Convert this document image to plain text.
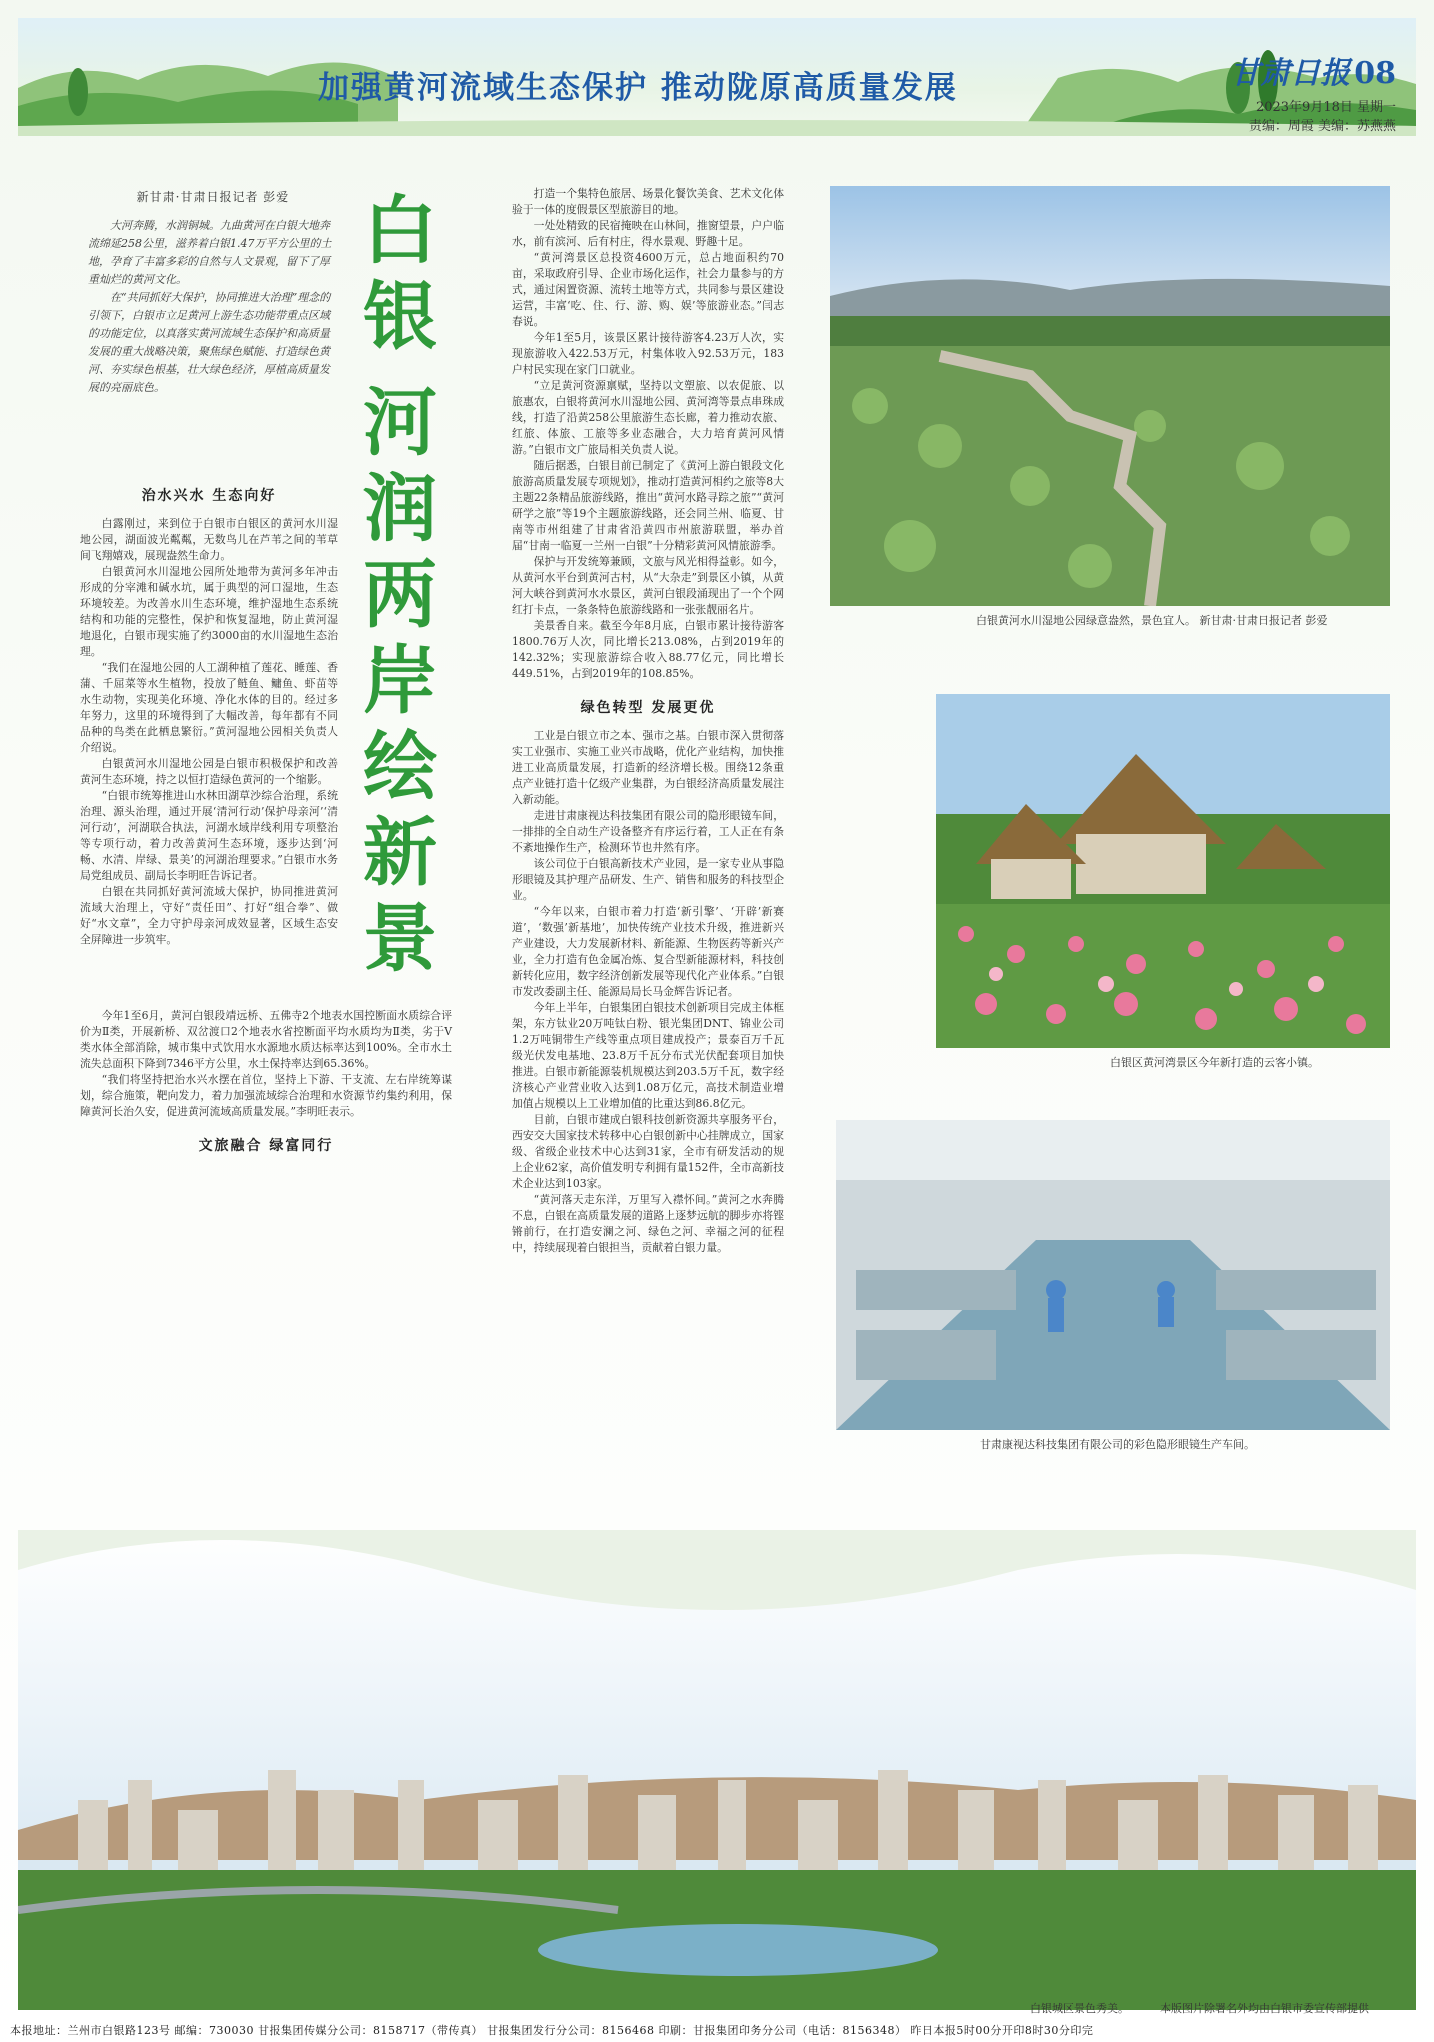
加强黄河流域生态保护 推动陇原高质量发展	甘肃日报 08
2023年9月18日 星期一
责编：周霞 美编：苏燕燕
新甘肃·甘肃日报记者 彭爱

大河奔腾，水润铜城。九曲黄河在白银大地奔流绵延258公里，滋养着白银1.47万平方公里的土地，孕育了丰富多彩的自然与人文景观，留下了厚重灿烂的黄河文化。

在“共同抓好大保护，协同推进大治理”理念的引领下，白银市立足黄河上游生态功能带重点区域的功能定位，以真落实黄河流域生态保护和高质量发展的重大战略决策，聚焦绿色赋能、打造绿色黄河、夯实绿色根基，壮大绿色经济，厚植高质量发展的亮丽底色。

白
银
河
润
两
岸
绘
新
景
治水兴水 生态向好

白露刚过，来到位于白银市白银区的黄河水川湿地公园，湖面波光粼粼，无数鸟儿在芦苇之间的苇草间飞翔嬉戏，展现盎然生命力。

白银黄河水川湿地公园所处地带为黄河多年冲击形成的分宰滩和碱水坑，属于典型的河口湿地，生态环境较差。为改善水川生态环境，维护湿地生态系统结构和功能的完整性，保护和恢复湿地，防止黄河湿地退化，白银市现实施了约3000亩的水川湿地生态治理。

“我们在湿地公园的人工湖种植了莲花、睡莲、香蒲、千屈菜等水生植物，投放了鲢鱼、鳙鱼、虾苗等水生动物，实现美化环境、净化水体的目的。经过多年努力，这里的环境得到了大幅改善，每年都有不同品种的鸟类在此栖息繁衍。”黄河湿地公园相关负责人介绍说。

白银黄河水川湿地公园是白银市积极保护和改善黄河生态环境，持之以恒打造绿色黄河的一个缩影。

“白银市统筹推进山水林田湖草沙综合治理，系统治理、源头治理，通过开展‘清河行动’保护母亲河’‘清河行动’，河湖联合执法，河湖水域岸线利用专项整治等专项行动，着力改善黄河生态环境，逐步达到‘河畅、水清、岸绿、景美’的河湖治理要求。”白银市水务局党组成员、副局长李明旺告诉记者。

白银在共同抓好黄河流域大保护，协同推进黄河流域大治理上，守好“责任田”、打好“组合拳”、做好“水文章”，全力守护母亲河成效显著，区域生态安全屏障进一步筑牢。

今年1至6月，黄河白银段靖远桥、五佛寺2个地表水国控断面水质综合评价为Ⅱ类，开展新桥、双岔渡口2个地表水省控断面平均水质均为Ⅱ类，劣于Ⅴ类水体全部消除，城市集中式饮用水水源地水质达标率达到100%。全市水土流失总面积下降到7346平方公里，水土保持率达到65.36%。

“我们将坚持把治水兴水摆在首位，坚持上下游、干支流、左右岸统筹谋划，综合施策，靶向发力，着力加强流域综合治理和水资源节约集约利用，保障黄河长治久安，促进黄河流域高质量发展。”李明旺表示。

文旅融合 绿富同行

打造一个集特色旅居、场景化餐饮美食、艺术文化体验于一体的度假景区型旅游目的地。

一处处精致的民宿掩映在山林间，推窗望景，户户临水，前有滨河、后有村庄，得水景观、野趣十足。

“黄河湾景区总投资4600万元，总占地面积约70亩，采取政府引导、企业市场化运作，社会力量参与的方式，通过闲置资源、流转土地等方式，共同参与景区建设运营，丰富‘吃、住、行、游、购、娱’等旅游业态。”闫志春说。

今年1至5月，该景区累计接待游客4.23万人次，实现旅游收入422.53万元，村集体收入92.53万元，183户村民实现在家门口就业。

“立足黄河资源禀赋，坚持以文塑旅、以农促旅、以旅惠农，白银将黄河水川湿地公园、黄河湾等景点串珠成线，打造了沿黄258公里旅游生态长廊，着力推动农旅、红旅、体旅、工旅等多业态融合，大力培育黄河风情游。”白银市文广旅局相关负责人说。

随后据悉，白银目前已制定了《黄河上游白银段文化旅游高质量发展专项规划》，推动打造黄河相约之旅等8大主题22条精品旅游线路，推出“黄河水路寻踪之旅”“黄河研学之旅”等19个主题旅游线路，还会同兰州、临夏、甘南等市州组建了甘肃省沿黄四市州旅游联盟，举办首届“甘南一临夏一兰州一白银”十分精彩黄河风情旅游季。

保护与开发统筹兼顾，文旅与风光相得益彰。如今，从黄河水平台到黄河古村，从“大杂走”到景区小镇，从黄河大峡谷到黄河水水景区，黄河白银段涌现出了一个个网红打卡点，一条条特色旅游线路和一张张靓丽名片。

美景香自来。截至今年8月底，白银市累计接待游客1800.76万人次，同比增长213.08%，占到2019年的142.32%；实现旅游综合收入88.77亿元，同比增长449.51%，占到2019年的108.85%。

绿色转型 发展更优

工业是白银立市之本、强市之基。白银市深入贯彻落实工业强市、实施工业兴市战略，优化产业结构，加快推进工业高质量发展，打造新的经济增长极。围绕12条重点产业链打造十亿级产业集群，为白银经济高质量发展注入新动能。

走进甘肃康视达科技集团有限公司的隐形眼镜车间，一排排的全自动生产设备整齐有序运行着，工人正在有条不紊地操作生产，检测环节也井然有序。

该公司位于白银高新技术产业园，是一家专业从事隐形眼镜及其护理产品研发、生产、销售和服务的科技型企业。

“今年以来，白银市着力打造‘新引擎’、‘开辟’新赛道’，‘数强’新基地’，加快传统产业技术升级，推进新兴产业建设，大力发展新材料、新能源、生物医药等新兴产业，全力打造有色金属冶炼、复合型新能源材料，科技创新转化应用，数字经济创新发展等现代化产业体系。”白银市发改委副主任、能源局局长马金辉告诉记者。

今年上半年，白银集团白银技术创新项目完成主体框架，东方钛业20万吨钛白粉、银光集团DNT、锦业公司1.2万吨铜带生产线等重点项目建成投产；景泰百万千瓦级光伏发电基地、23.8万千瓦分布式光伏配套项目加快推进。白银市新能源装机规模达到203.5万千瓦，数字经济核心产业营业收入达到1.08万亿元，高技术制造业增加值占规模以上工业增加值的比重达到86.8亿元。

目前，白银市建成白银科技创新资源共享服务平台，西安交大国家技术转移中心白银创新中心挂牌成立，国家级、省级企业技术中心达到31家，全市有研发活动的规上企业62家，高价值发明专利拥有量152件，全市高新技术企业达到103家。

“黄河落天走东洋，万里写入襟怀间。”黄河之水奔腾不息，白银在高质量发展的道路上逐梦远航的脚步亦将铿锵前行，在打造安澜之河、绿色之河、幸福之河的征程中，持续展现着白银担当，贡献着白银力量。

白银黄河水川湿地公园绿意盎然，景色宜人。 新甘肃·甘肃日报记者 彭爱
白银区黄河湾景区今年新打造的云客小镇。
甘肃康视达科技集团有限公司的彩色隐形眼镜生产车间。
白银城区景色秀美。	本版图片除署名外均由白银市委宣传部提供
本报地址：兰州市白银路123号 邮编：730030 甘报集团传媒分公司：8158717（带传真） 甘报集团发行分公司：8156468 印刷：甘报集团印务分公司（电话：8156348） 昨日本报5时00分开印8时30分印完
